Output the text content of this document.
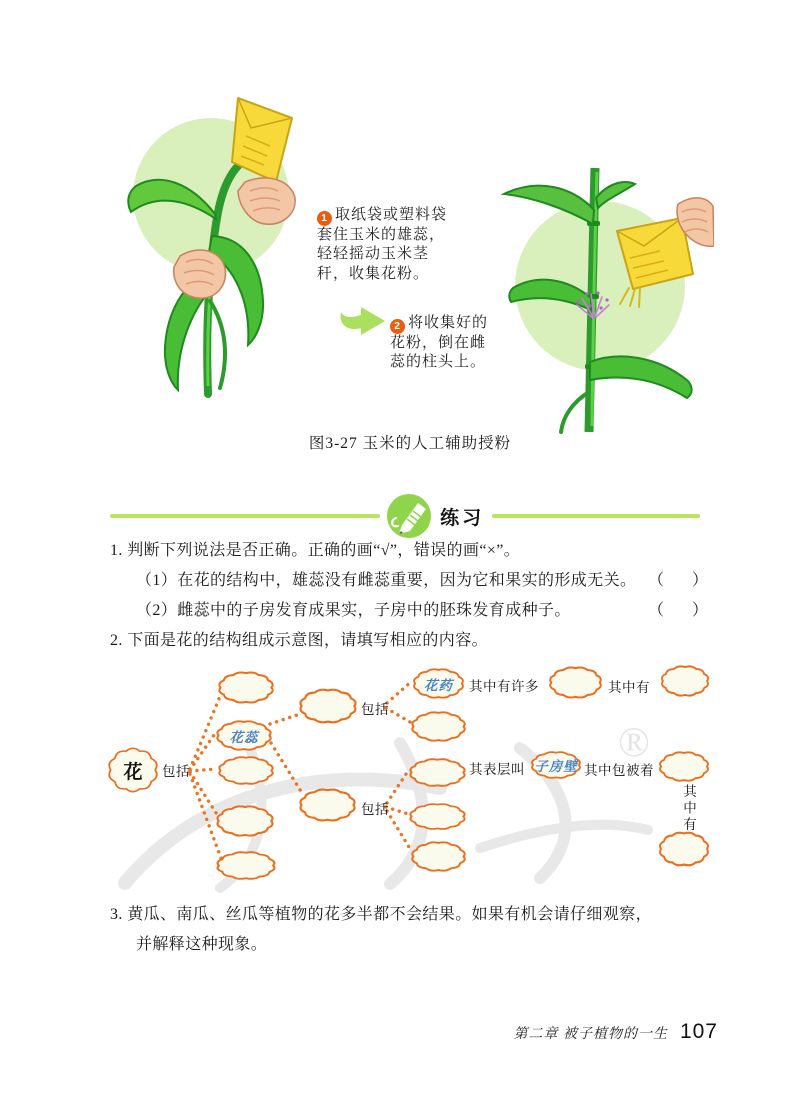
1 取纸袋或塑料袋
套住玉米的雄蕊，
轻轻摇动玉米茎
秆，收集花粉。
2 将收集好的
花粉，倒在雌
蕊的柱头上。
图3-27 玉米的人工辅助授粉
练习
1. 判断下列说法是否正确。正确的画“√”，错误的画“×”。
（1）在花的结构中，雄蕊没有雌蕊重要，因为它和果实的形成无关。 （　）
（2）雌蕊中的子房发育成果实，子房中的胚珠发育成种子。	（　）
2. 下面是花的结构组成示意图，请填写相应的内容。
®
花
花蕊
花药
子房壁
包括
包括
包括
其中有许多	其中有
其表层叫	其中包被着
其中有
3. 黄瓜、南瓜、丝瓜等植物的花多半都不会结果。如果有机会请仔细观察，
并解释这种现象。
第二章 被子植物的一生 107
